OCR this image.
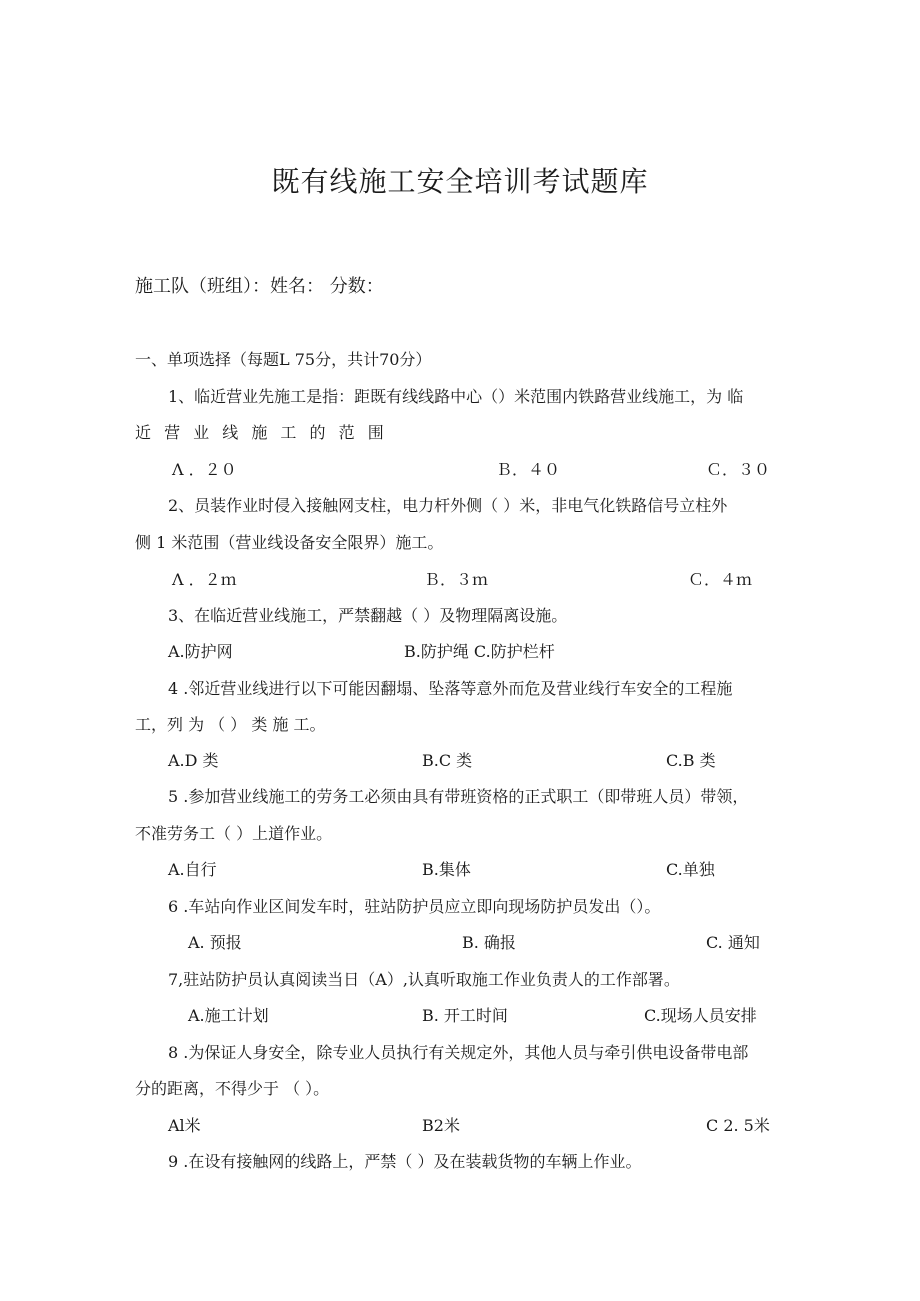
既有线施工安全培训考试题库
施工队（班组）：姓名： 分数：
一、单项选择（每题L 75分，共计70分）
1、临近营业先施工是指：距既有线线路中心（）米范围内铁路营业线施工，为 临
近 营 业 线 施 工 的 范 围
Λ ．２０	Ｂ．４０	Ｃ．３０
2、员装作业时侵入接触网支柱，电力杆外侧（ ）米，非电气化铁路信号立柱外
侧 1 米范围（营业线设备安全限界）施工。
Λ ．２ｍ	Ｂ．３ｍ	Ｃ．４ｍ
3、在临近营业线施工，严禁翻越（ ）及物理隔离设施。
A.防护网	B.防护绳 C.防护栏杆
4 .邻近营业线进行以下可能因翻塌、坠落等意外而危及营业线行车安全的工程施
工，列 为 （ ） 类 施 工。
A.D 类	B.C 类	C.B 类
5 .参加营业线施工的劳务工必须由具有带班资格的正式职工（即带班人员）带领，
不准劳务工（ ）上道作业。
A.自行	B.集体	C.单独
6 .车站向作业区间发车时，驻站防护员应立即向现场防护员发出（）。
A. 预报	B. 确报	C. 通知
7,驻站防护员认真阅读当日（A）,认真听取施工作业负责人的工作部署。
A.施工计划	B. 开工时间	C.现场人员安排
8 .为保证人身安全，除专业人员执行有关规定外，其他人员与牵引供电设备带电部
分的距离，不得少于 （ ）。
Al米	B2米	C 2. 5米
9 .在设有接触网的线路上，严禁（ ）及在装载货物的车辆上作业。
